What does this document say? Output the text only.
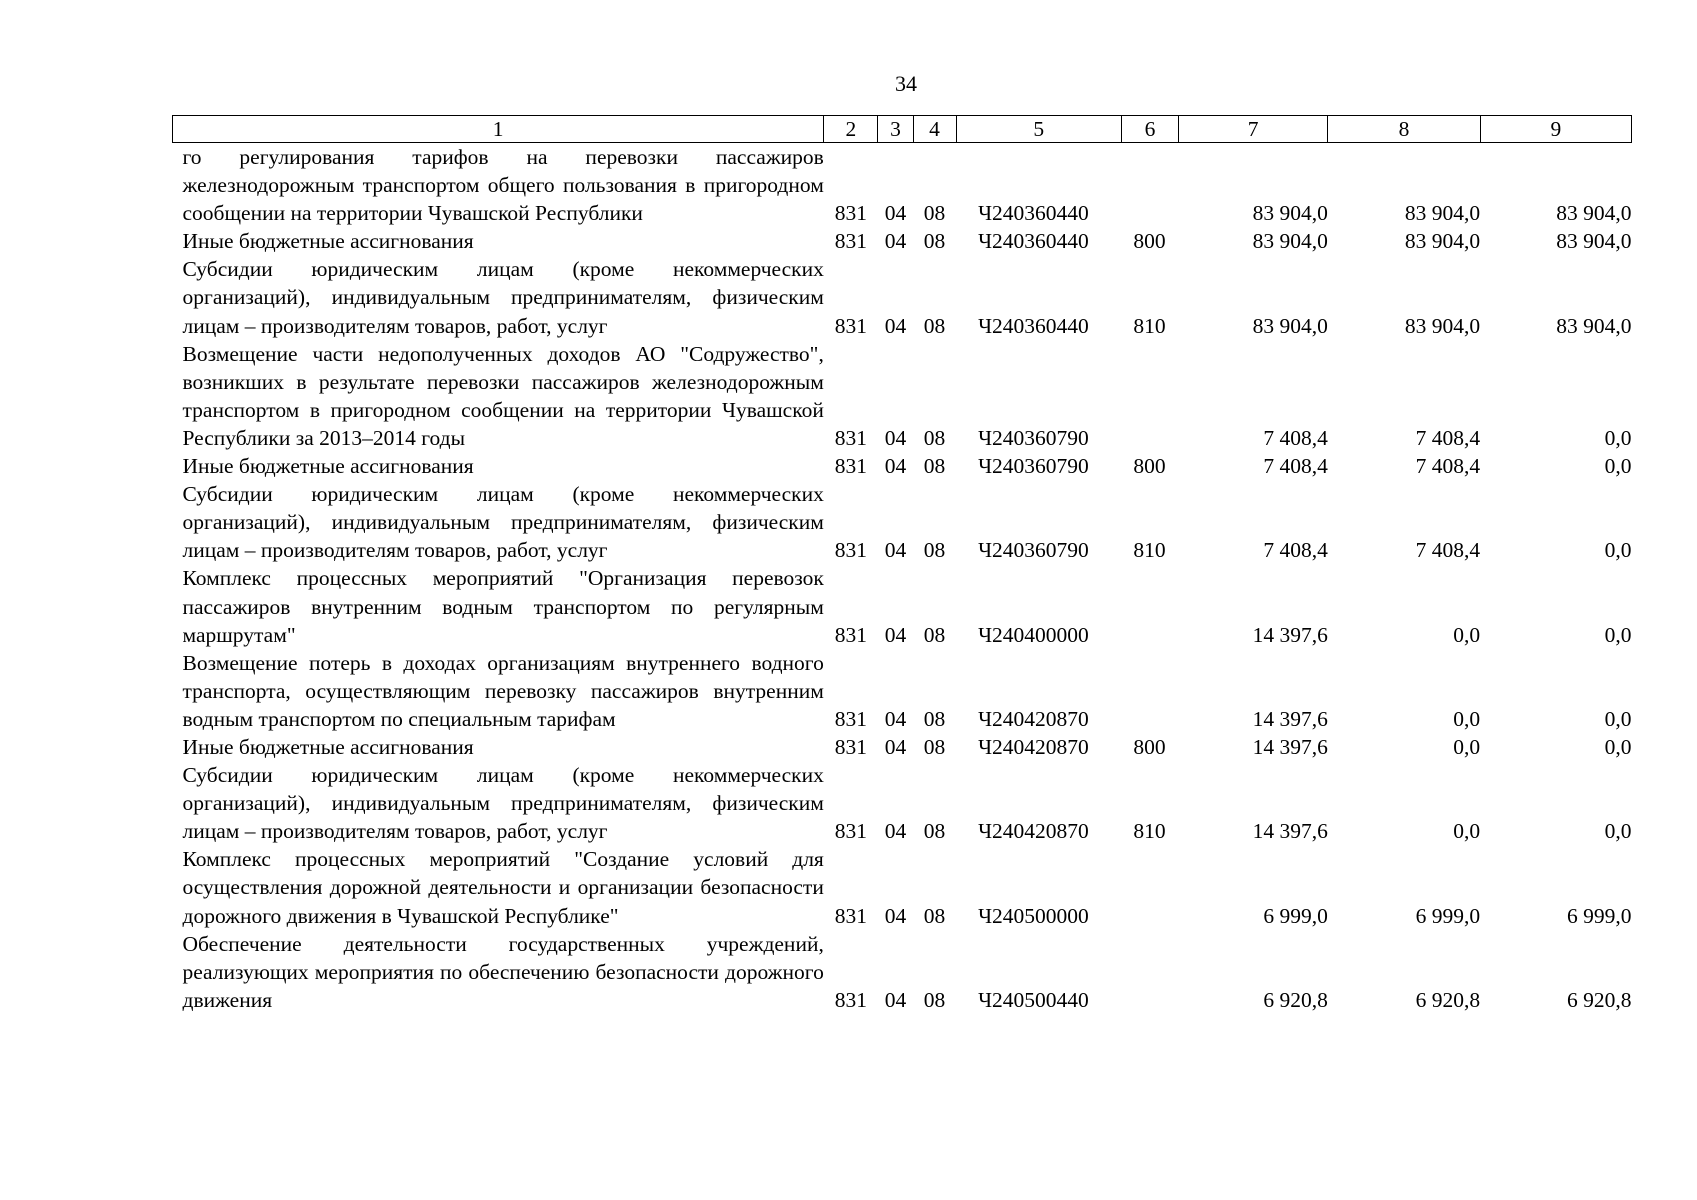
34
1	2	3	4	5	6	7	8	9
го регулирования тарифов на перевозки пассажиров железнодорожным транспортом общего пользования в пригородном сообщении на территории Чувашской Республики	831	04	08	Ч240360440		83 904,0	83 904,0	83 904,0
Иные бюджетные ассигнования	831	04	08	Ч240360440	800	83 904,0	83 904,0	83 904,0
Субсидии юридическим лицам (кроме некоммерческих организаций), индивидуальным предпринимателям, физическим лицам – производителям товаров, работ, услуг	831	04	08	Ч240360440	810	83 904,0	83 904,0	83 904,0
Возмещение части недополученных доходов АО "Содружество", возникших в результате перевозки пассажиров железнодорожным транспортом в пригородном сообщении на территории Чувашской Республики за 2013–2014 годы	831	04	08	Ч240360790		7 408,4	7 408,4	0,0
Иные бюджетные ассигнования	831	04	08	Ч240360790	800	7 408,4	7 408,4	0,0
Субсидии юридическим лицам (кроме некоммерческих организаций), индивидуальным предпринимателям, физическим лицам – производителям товаров, работ, услуг	831	04	08	Ч240360790	810	7 408,4	7 408,4	0,0
Комплекс процессных мероприятий "Организация перевозок пассажиров внутренним водным транспортом по регулярным маршрутам"	831	04	08	Ч240400000		14 397,6	0,0	0,0
Возмещение потерь в доходах организациям внутреннего водного транспорта, осуществляющим перевозку пассажиров внутренним водным транспортом по специальным тарифам	831	04	08	Ч240420870		14 397,6	0,0	0,0
Иные бюджетные ассигнования	831	04	08	Ч240420870	800	14 397,6	0,0	0,0
Субсидии юридическим лицам (кроме некоммерческих организаций), индивидуальным предпринимателям, физическим лицам – производителям товаров, работ, услуг	831	04	08	Ч240420870	810	14 397,6	0,0	0,0
Комплекс процессных мероприятий "Создание условий для осуществления дорожной деятельности и организации безопасности дорожного движения в Чувашской Республике"	831	04	08	Ч240500000		6 999,0	6 999,0	6 999,0
Обеспечение деятельности государственных учреждений, реализующих мероприятия по обеспечению безопасности дорожного движения	831	04	08	Ч240500440		6 920,8	6 920,8	6 920,8
